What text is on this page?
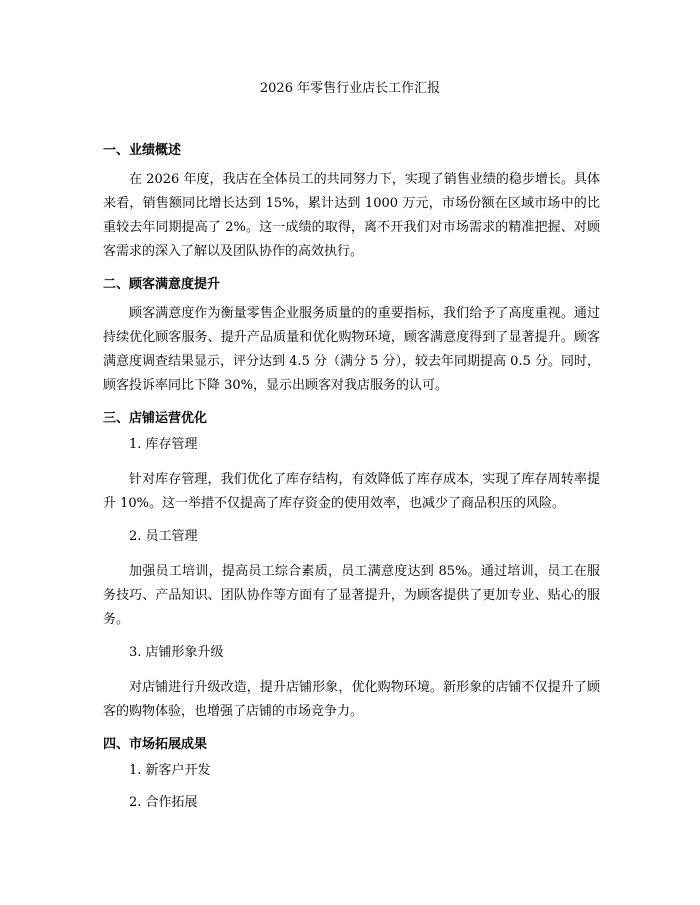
2026 年零售行业店长工作汇报
一、业绩概述

在 2026 年度，我店在全体员工的共同努力下，实现了销售业绩的稳步增长。具体来看，销售额同比增长达到 15%，累计达到 1000 万元，市场份额在区域市场中的比重较去年同期提高了 2%。这一成绩的取得，离不开我们对市场需求的精准把握、对顾客需求的深入了解以及团队协作的高效执行。

二、顾客满意度提升

顾客满意度作为衡量零售企业服务质量的的重要指标，我们给予了高度重视。通过持续优化顾客服务、提升产品质量和优化购物环境，顾客满意度得到了显著提升。顾客满意度调查结果显示，评分达到 4.5 分（满分 5 分），较去年同期提高 0.5 分。同时，顾客投诉率同比下降 30%，显示出顾客对我店服务的认可。

三、店铺运营优化

1. 库存管理

针对库存管理，我们优化了库存结构，有效降低了库存成本，实现了库存周转率提升 10%。这一举措不仅提高了库存资金的使用效率，也减少了商品积压的风险。

2. 员工管理

加强员工培训，提高员工综合素质，员工满意度达到 85%。通过培训，员工在服务技巧、产品知识、团队协作等方面有了显著提升，为顾客提供了更加专业、贴心的服务。

3. 店铺形象升级

对店铺进行升级改造，提升店铺形象，优化购物环境。新形象的店铺不仅提升了顾客的购物体验，也增强了店铺的市场竞争力。

四、市场拓展成果

1. 新客户开发

2. 合作拓展
